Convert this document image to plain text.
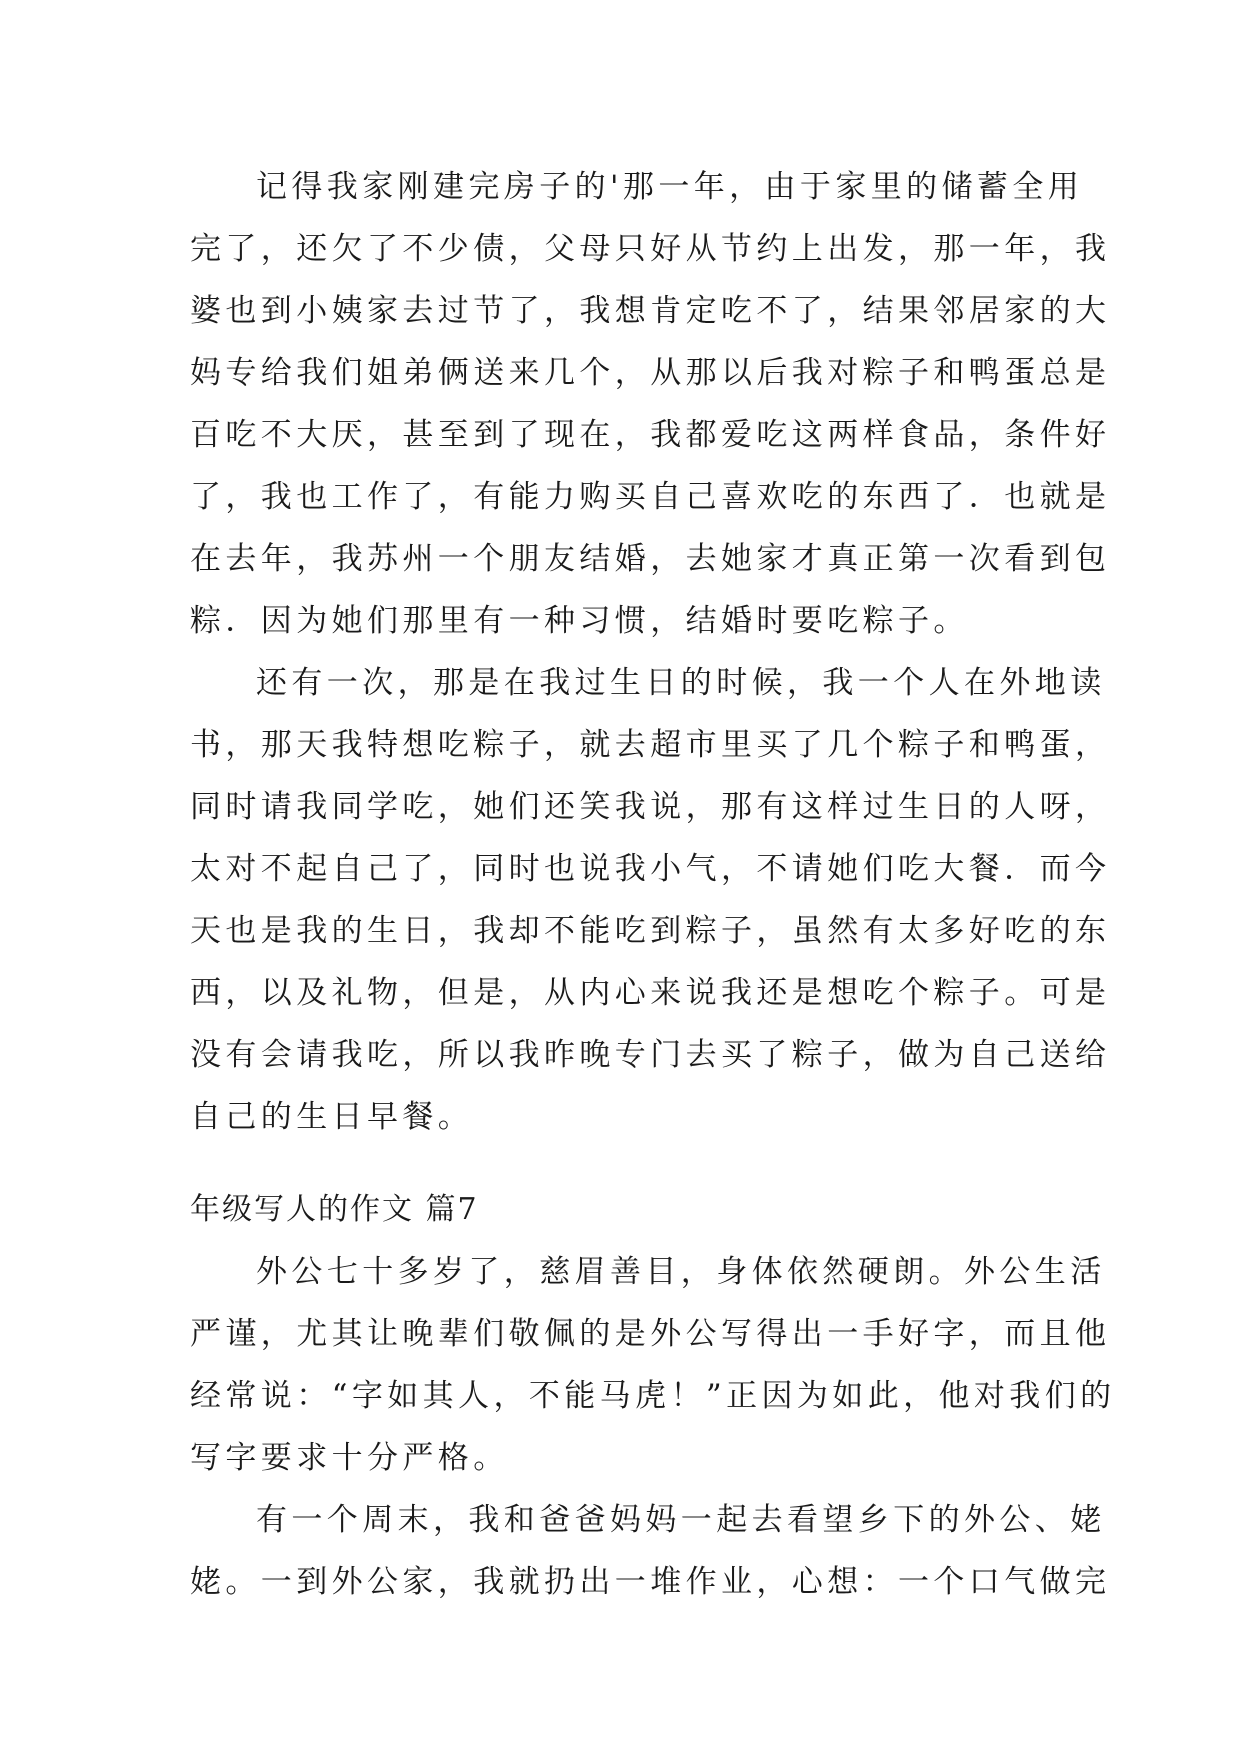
记得我家刚建完房子的'那一年，由于家里的储蓄全用
完了，还欠了不少债，父母只好从节约上出发，那一年，我
婆也到小姨家去过节了，我想肯定吃不了，结果邻居家的大
妈专给我们姐弟俩送来几个，从那以后我对粽子和鸭蛋总是
百吃不大厌，甚至到了现在，我都爱吃这两样食品，条件好
了，我也工作了，有能力购买自己喜欢吃的东西了．也就是
在去年，我苏州一个朋友结婚，去她家才真正第一次看到包
粽．因为她们那里有一种习惯，结婚时要吃粽子。
还有一次，那是在我过生日的时候，我一个人在外地读
书，那天我特想吃粽子，就去超市里买了几个粽子和鸭蛋，
同时请我同学吃，她们还笑我说，那有这样过生日的人呀，
太对不起自己了，同时也说我小气，不请她们吃大餐．而今
天也是我的生日，我却不能吃到粽子，虽然有太多好吃的东
西，以及礼物，但是，从内心来说我还是想吃个粽子。可是
没有会请我吃，所以我昨晚专门去买了粽子，做为自己送给
自己的生日早餐。
年级写人的作文 篇7
外公七十多岁了，慈眉善目，身体依然硬朗。外公生活
严谨，尤其让晚辈们敬佩的是外公写得出一手好字，而且他
经常说：“字如其人，不能马虎！”正因为如此，他对我们的
写字要求十分严格。
有一个周末，我和爸爸妈妈一起去看望乡下的外公、姥
姥。一到外公家，我就扔出一堆作业，心想：一个口气做完
